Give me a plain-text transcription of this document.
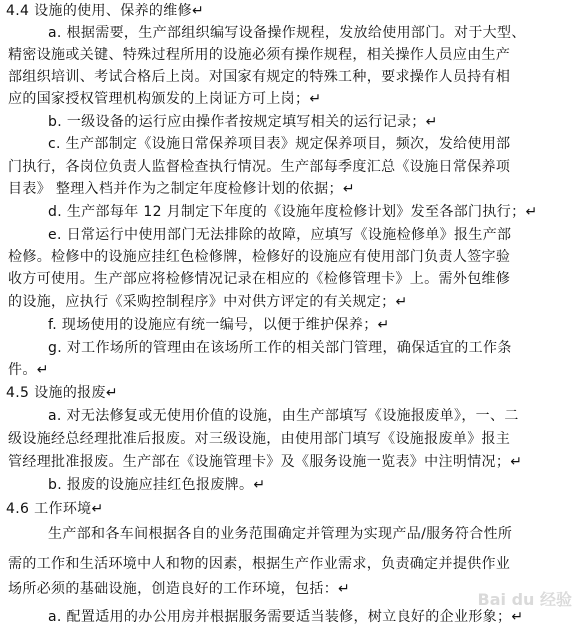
4.4 设施的使用、保养的维修↵
a. 根据需要，生产部组织编写设备操作规程，发放给使用部门。对于大型、
精密设施或关键、特殊过程所用的设施必须有操作规程，相关操作人员应由生产
部组织培训、考试合格后上岗。对国家有规定的特殊工种，要求操作人员持有相
应的国家授权管理机构颁发的上岗证方可上岗；↵
b. 一级设备的运行应由操作者按规定填写相关的运行记录；↵
c. 生产部制定《设施日常保养项目表》规定保养项目，频次，发给使用部
门执行，各岗位负责人监督检查执行情况。生产部每季度汇总《设施日常保养项
目表》 整理入档并作为之制定年度检修计划的依据；↵
d. 生产部每年 12 月制定下年度的《设施年度检修计划》发至各部门执行；↵
e. 日常运行中使用部门无法排除的故障，应填写《设施检修单》报生产部
检修。检修中的设施应挂红色检修牌，检修好的设施应有使用部门负责人签字验
收方可使用。生产部应将检修情况记录在相应的《检修管理卡》上。需外包维修
的设施，应执行《采购控制程序》中对供方评定的有关规定；↵
f. 现场使用的设施应有统一编号，以便于维护保养；↵
g. 对工作场所的管理由在该场所工作的相关部门管理，确保适宜的工作条
件。↵
4.5 设施的报废↵
a. 对无法修复或无使用价值的设施，由生产部填写《设施报废单》，一、二
级设施经总经理批准后报废。对三级设施，由使用部门填写《设施报废单》报主
管经理批准报废。生产部在《设施管理卡》及《服务设施一览表》中注明情况；↵
b. 报废的设施应挂红色报废牌。↵
4.6 工作环境↵
生产部和各车间根据各自的业务范围确定并管理为实现产品/服务符合性所
需的工作和生活环境中人和物的因素，根据生产作业需求，负责确定并提供作业
场所必须的基础设施，创造良好的工作环境，包括：↵
a. 配置适用的办公用房并根据服务需要适当装修，树立良好的企业形象；↵
Bai du 经验
